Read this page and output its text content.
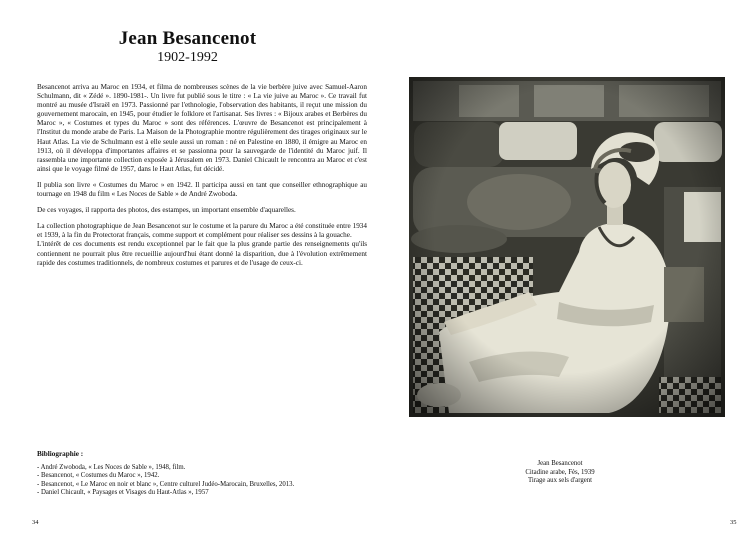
Jean Besancenot
1902-1992

Besancenot arriva au Maroc en 1934, et filma de nombreuses scènes de la vie berbère juive avec Samuel-Aaron Schulmann, dit « Zédé ». 1890-1981-. Un livre fut publié sous le titre : « La vie juive au Maroc ». Ce travail fut montré au musée d'Israël en 1973. Passionné par l'ethnologie, l'observation des habitants, il reçut une mission du gouvernement marocain, en 1945, pour étudier le folklore et l'artisanat. Ses livres : « Bijoux arabes et Berbères du Maroc », « Costumes et types du Maroc » sont des références. L'œuvre de Besancenot est principalement à l'Institut du monde arabe de Paris. La Maison de la Photographie montre régulièrement des tirages originaux sur le Haut Atlas. La vie de Schulmann est à elle seule aussi un roman : né en Palestine en 1880, il émigre au Maroc en 1913, où il développa d'importantes affaires et se passionna pour la sauvegarde de l'identité du Maroc juif. Il rassembla une importante collection exposée à Jérusalem en 1973. Daniel Chicault le rencontra au Maroc et c'est ainsi que le voyage filmé de 1957, dans le Haut Atlas, fut décidé.

Il publia son livre « Costumes du Maroc » en 1942. Il participa aussi en tant que conseiller ethnographique au tournage en 1948 du film « Les Noces de Sable » de André Zwoboda.

De ces voyages, il rapporta des photos, des estampes, un important ensemble d'aquarelles.

La collection photographique de Jean Besancenot sur le costume et la parure du Maroc a été constituée entre 1934 et 1939, à la fin du Protectorat français, comme support et complément pour réaliser ses dessins à la gouache.

L'intérêt de ces documents est rendu exceptionnel par le fait que la plus grande partie des renseignements qu'ils contiennent ne pourrait plus être recueillie aujourd'hui étant donné la disparition, due à l'évolution extrêmement rapide des costumes traditionnels, de nombreux costumes et parures et de l'usage de ceux-ci.

Bibliographie :
- André Zwoboda, « Les Noces de Sable », 1948, film.
- Besancenot, « Costumes du Maroc », 1942.
- Besancenot, « Le Maroc en noir et blanc », Centre culturel Judéo-Marocain, Bruxelles, 2013.
- Daniel Chicault, « Paysages et Visages du Haut-Atlas », 1957
34
Jean Besancenot
Citadine arabe, Fès, 1939
Tirage aux sels d'argent
35
